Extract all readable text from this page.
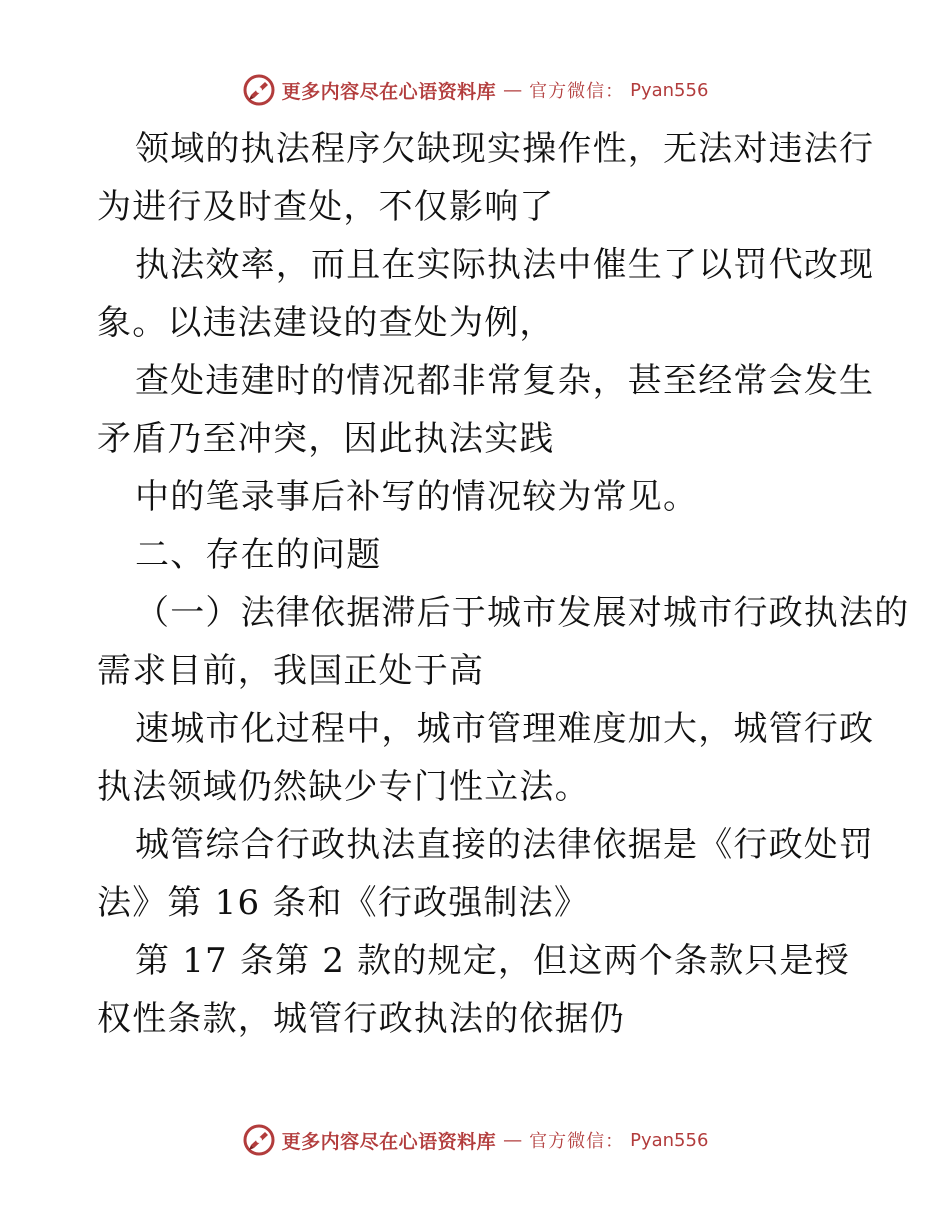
更多内容尽在心语资料库 — 官方微信： Pyan556
领域的执法程序欠缺现实操作性，无法对违法行
为进行及时查处，不仅影响了
执法效率，而且在实际执法中催生了以罚代改现
象。以违法建设的查处为例，
查处违建时的情况都非常复杂，甚至经常会发生
矛盾乃至冲突，因此执法实践
中的笔录事后补写的情况较为常见。
二、存在的问题
（一）法律依据滞后于城市发展对城市行政执法的
需求目前，我国正处于高
速城市化过程中，城市管理难度加大，城管行政
执法领域仍然缺少专门性立法。
城管综合行政执法直接的法律依据是《行政处罚
法》第 16 条和《行政强制法》
第 17 条第 2 款的规定，但这两个条款只是授
权性条款，城管行政执法的依据仍
更多内容尽在心语资料库 — 官方微信： Pyan556
